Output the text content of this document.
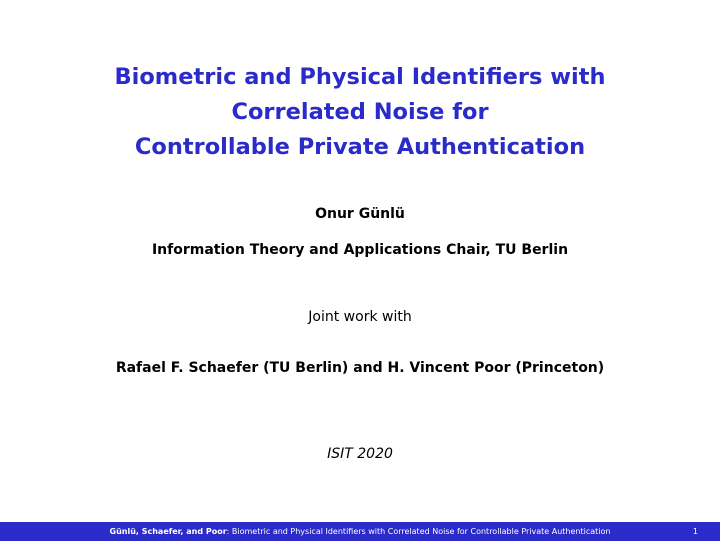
Biometric and Physical Identifiers with
Correlated Noise for
Controllable Private Authentication
Onur Günlü
Information Theory and Applications Chair, TU Berlin
Joint work with
Rafael F. Schaefer (TU Berlin) and H. Vincent Poor (Princeton)
ISIT 2020
Günlü, Schaefer, and Poor: Biometric and Physical Identifiers with Correlated Noise for Controllable Private Authentication	1
